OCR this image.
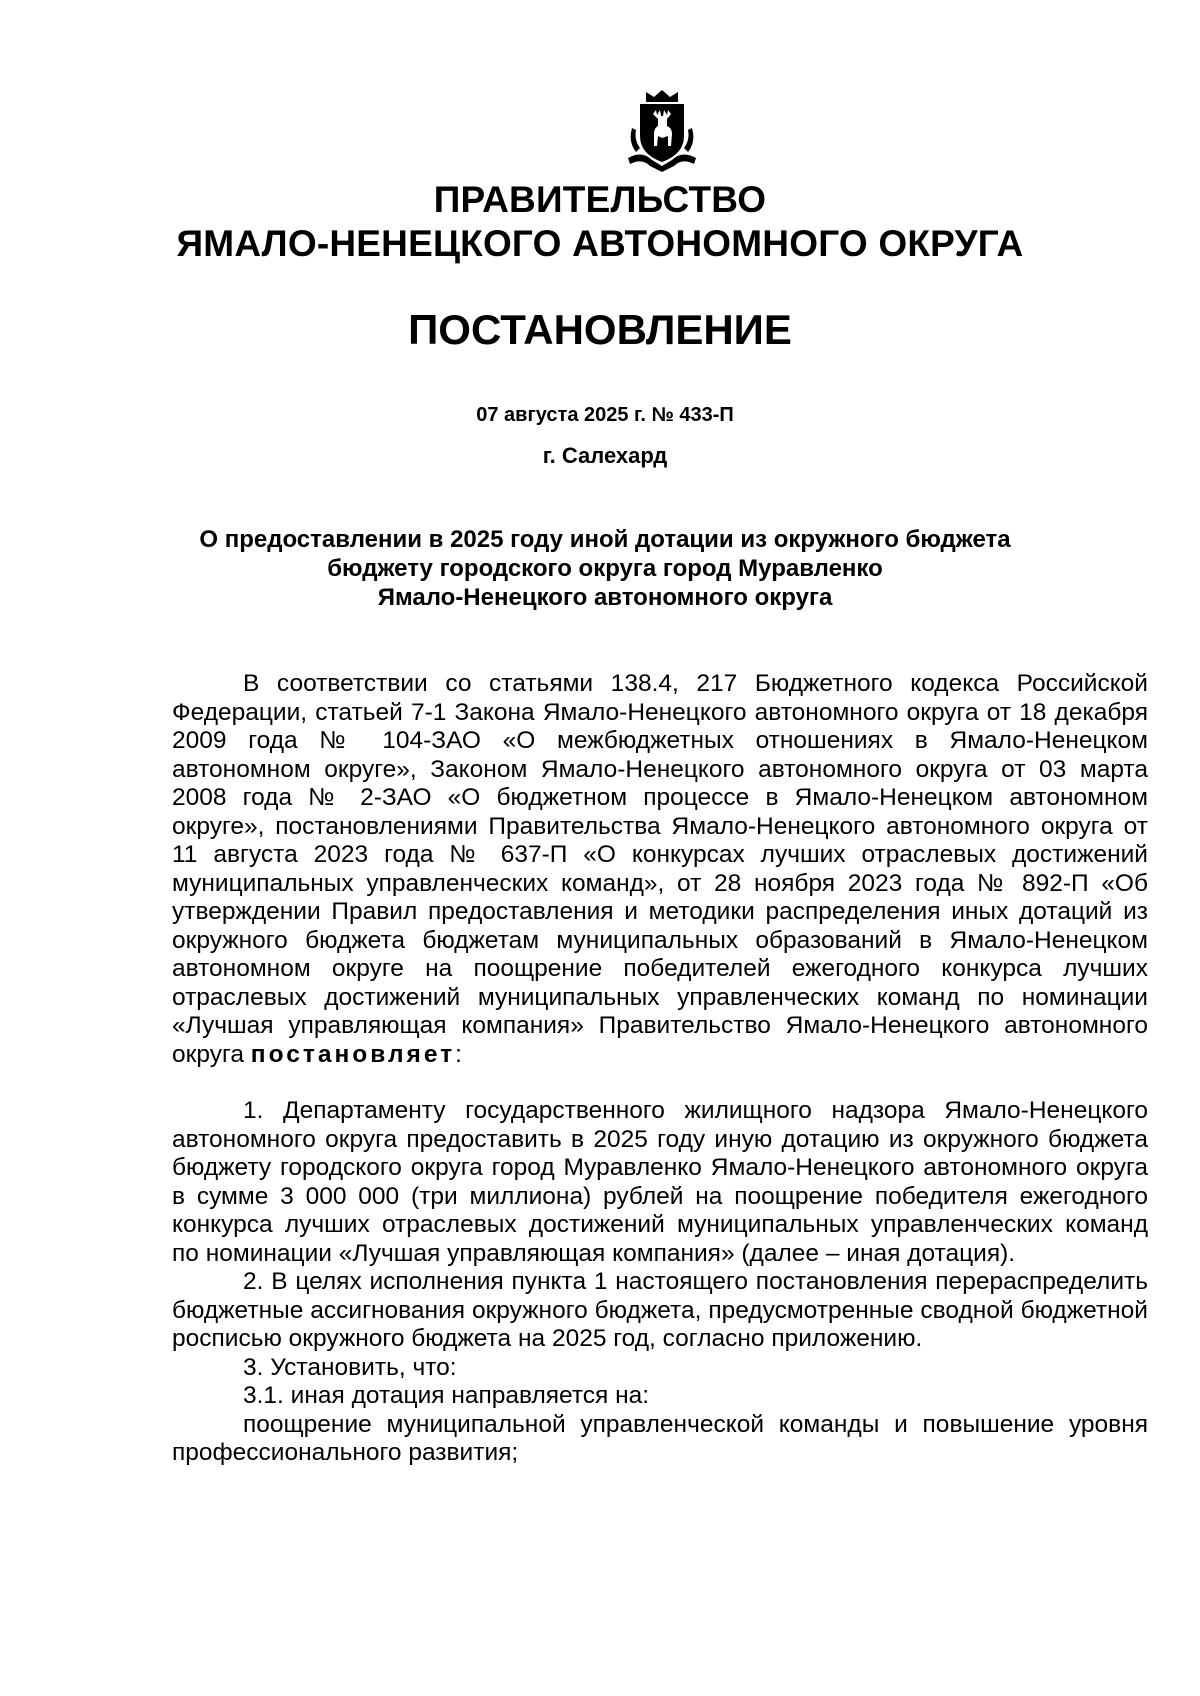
ПРАВИТЕЛЬСТВО
ЯМАЛО-НЕНЕЦКОГО АВТОНОМНОГО ОКРУГА
ПОСТАНОВЛЕНИЕ
07 августа 2025 г. № 433-П
г. Салехард
О предоставлении в 2025 году иной дотации из окружного бюджета
бюджету городского округа город Муравленко
Ямало-Ненецкого автономного округа

В соответствии со статьями 138.4, 217 Бюджетного кодекса Российской Федерации, статьей 7-1 Закона Ямало-Ненецкого автономного округа от 18 декабря 2009 года № 104-ЗАО «О межбюджетных отношениях в Ямало-Ненецком автономном округе», Законом Ямало-Ненецкого автономного округа от 03 марта 2008 года № 2-ЗАО «О бюджетном процессе в Ямало-Ненецком автономном округе», постановлениями Правительства Ямало-Ненецкого автономного округа от 11 августа 2023 года № 637-П «О конкурсах лучших отраслевых достижений муниципальных управленческих команд», от 28 ноября 2023 года № 892-П «Об утверждении Правил предоставления и методики распределения иных дотаций из окружного бюджета бюджетам муниципальных образований в Ямало-Ненецком автономном округе на поощрение победителей ежегодного конкурса лучших отраслевых достижений муниципальных управленческих команд по номинации «Лучшая управляющая компания» Правительство Ямало-Ненецкого автономного округа постановляет:

1. Департаменту государственного жилищного надзора Ямало-Ненецкого автономного округа предоставить в 2025 году иную дотацию из окружного бюджета бюджету городского округа город Муравленко Ямало-Ненецкого автономного округа в сумме 3 000 000 (три миллиона) рублей на поощрение победителя ежегодного конкурса лучших отраслевых достижений муниципальных управленческих команд по номинации «Лучшая управляющая компания» (далее – иная дотация).

2. В целях исполнения пункта 1 настоящего постановления перераспределить бюджетные ассигнования окружного бюджета, предусмотренные сводной бюджетной росписью окружного бюджета на 2025 год, согласно приложению.

3. Установить, что:

3.1. иная дотация направляется на:

поощрение муниципальной управленческой команды и повышение уровня профессионального развития;
